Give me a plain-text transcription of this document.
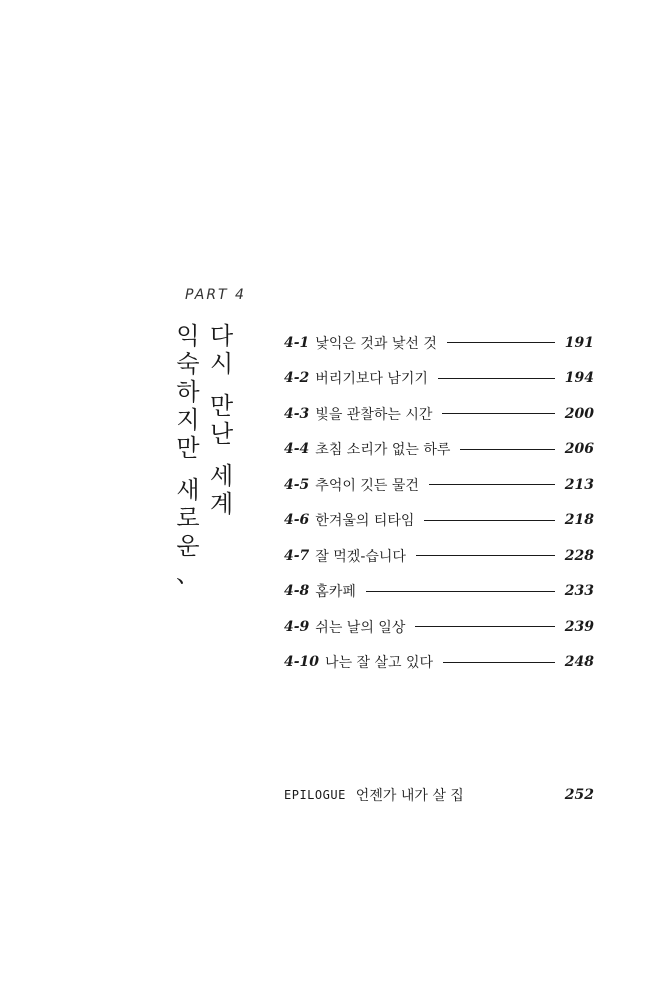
PART 4
익
숙
하
지
만
새
로
운
、
다
시
만
난
세
계
4-1 낯익은 것과 낯선 것	191
4-2 버리기보다 남기기	194
4-3 빛을 관찰하는 시간	200
4-4 초침 소리가 없는 하루	206
4-5 추억이 깃든 물건	213
4-6 한겨울의 티타임	218
4-7 잘 먹겠-습니다	228
4-8 홈카페	233
4-9 쉬는 날의 일상	239
4-10 나는 잘 살고 있다	248
EPILOGUE 언젠가 내가 살 집	252
